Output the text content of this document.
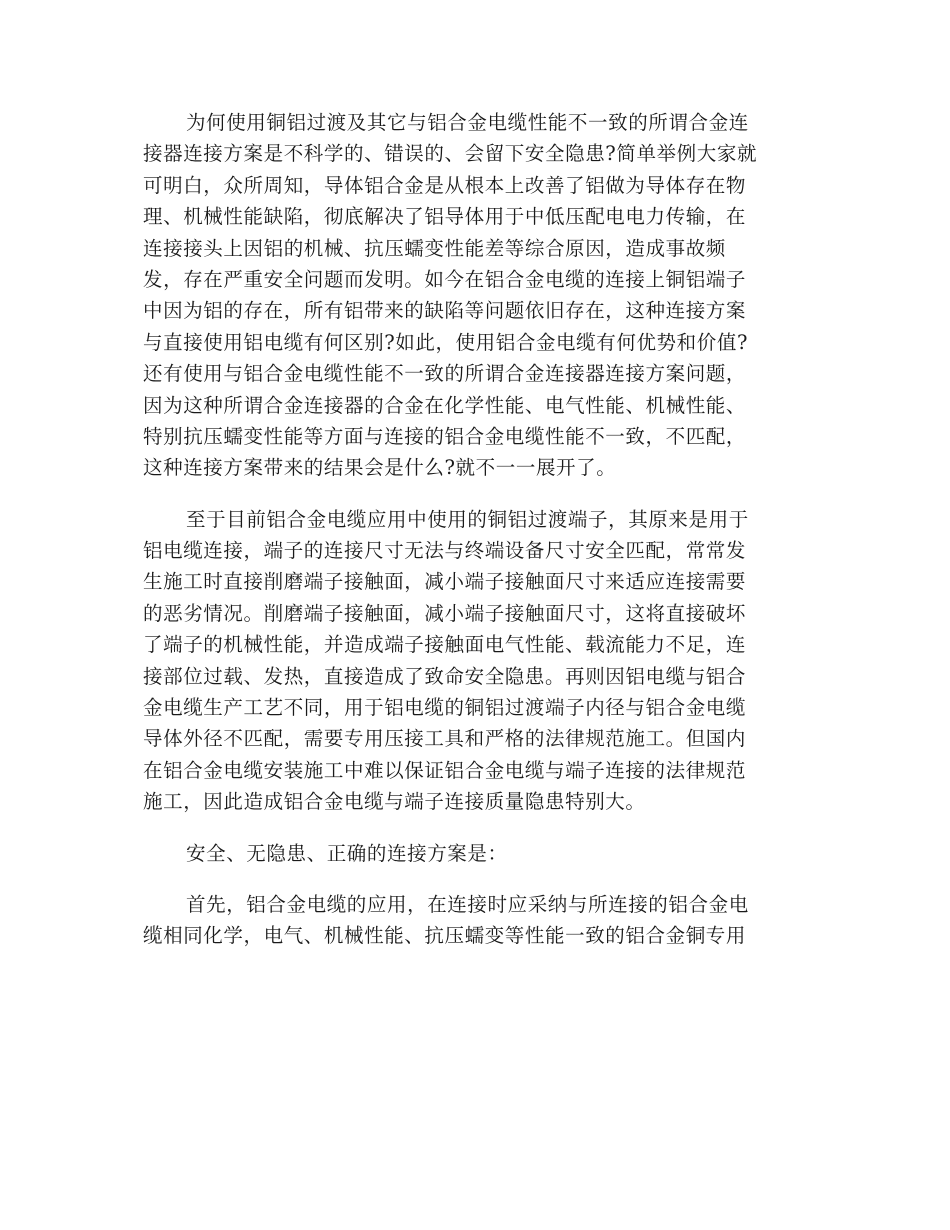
为何使用铜铝过渡及其它与铝合金电缆性能不一致的所谓合金连
接器连接方案是不科学的、错误的、会留下安全隐患?简单举例大家就
可明白，众所周知，导体铝合金是从根本上改善了铝做为导体存在物
理、机械性能缺陷，彻底解决了铝导体用于中低压配电电力传输，在
连接接头上因铝的机械、抗压蠕变性能差等综合原因，造成事故频
发，存在严重安全问题而发明。如今在铝合金电缆的连接上铜铝端子
中因为铝的存在，所有铝带来的缺陷等问题依旧存在，这种连接方案
与直接使用铝电缆有何区别?如此，使用铝合金电缆有何优势和价值?
还有使用与铝合金电缆性能不一致的所谓合金连接器连接方案问题，
因为这种所谓合金连接器的合金在化学性能、电气性能、机械性能、
特别抗压蠕变性能等方面与连接的铝合金电缆性能不一致，不匹配，
这种连接方案带来的结果会是什么?就不一一展开了。
至于目前铝合金电缆应用中使用的铜铝过渡端子，其原来是用于
铝电缆连接，端子的连接尺寸无法与终端设备尺寸安全匹配，常常发
生施工时直接削磨端子接触面，减小端子接触面尺寸来适应连接需要
的恶劣情况。削磨端子接触面，减小端子接触面尺寸，这将直接破坏
了端子的机械性能，并造成端子接触面电气性能、载流能力不足，连
接部位过载、发热，直接造成了致命安全隐患。再则因铝电缆与铝合
金电缆生产工艺不同，用于铝电缆的铜铝过渡端子内径与铝合金电缆
导体外径不匹配，需要专用压接工具和严格的法律规范施工。但国内
在铝合金电缆安装施工中难以保证铝合金电缆与端子连接的法律规范
施工，因此造成铝合金电缆与端子连接质量隐患特别大。
安全、无隐患、正确的连接方案是：
首先，铝合金电缆的应用，在连接时应采纳与所连接的铝合金电
缆相同化学，电气、机械性能、抗压蠕变等性能一致的铝合金铜专用
